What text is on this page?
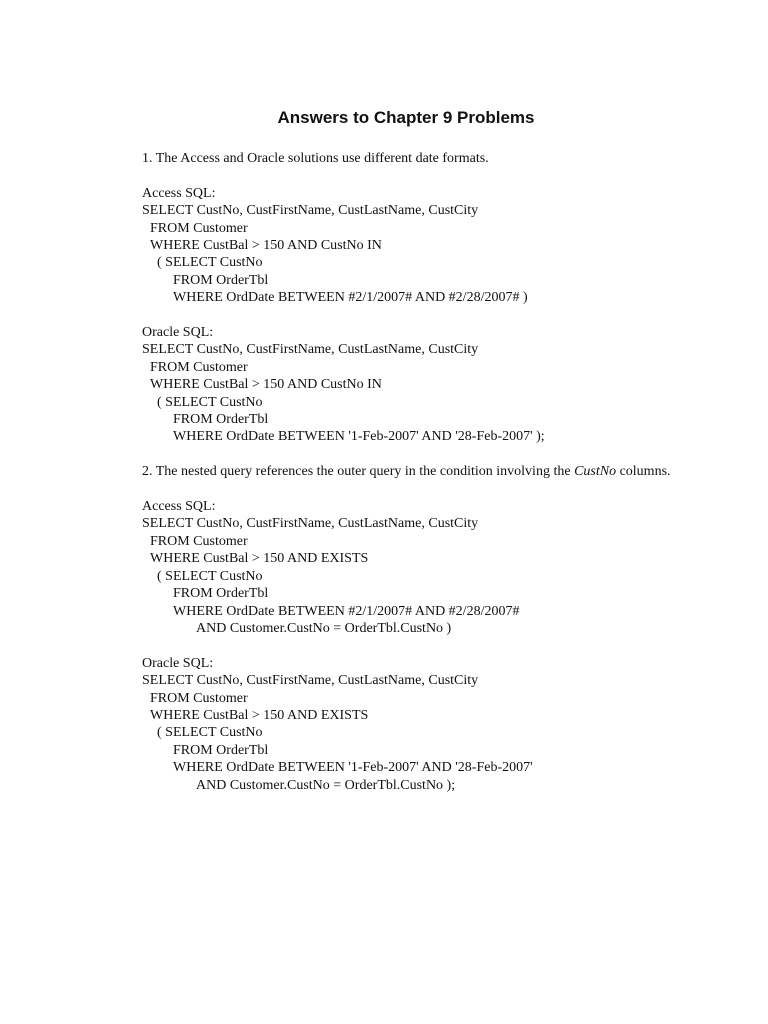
Answers to Chapter 9 Problems

1. The Access and Oracle solutions use different date formats.

Access SQL:

SELECT CustNo, CustFirstName, CustLastName, CustCity

FROM Customer

WHERE CustBal > 150 AND CustNo IN

( SELECT CustNo

FROM OrderTbl

WHERE OrdDate BETWEEN #2/1/2007# AND #2/28/2007# )

Oracle SQL:

SELECT CustNo, CustFirstName, CustLastName, CustCity

FROM Customer

WHERE CustBal > 150 AND CustNo IN

( SELECT CustNo

FROM OrderTbl

WHERE OrdDate BETWEEN '1-Feb-2007' AND '28-Feb-2007' );

2. The nested query references the outer query in the condition involving the CustNo columns.

Access SQL:

SELECT CustNo, CustFirstName, CustLastName, CustCity

FROM Customer

WHERE CustBal > 150 AND EXISTS

( SELECT CustNo

FROM OrderTbl

WHERE OrdDate BETWEEN #2/1/2007# AND #2/28/2007#

AND Customer.CustNo = OrderTbl.CustNo )

Oracle SQL:

SELECT CustNo, CustFirstName, CustLastName, CustCity

FROM Customer

WHERE CustBal > 150 AND EXISTS

( SELECT CustNo

FROM OrderTbl

WHERE OrdDate BETWEEN '1-Feb-2007' AND '28-Feb-2007'

AND Customer.CustNo = OrderTbl.CustNo );
